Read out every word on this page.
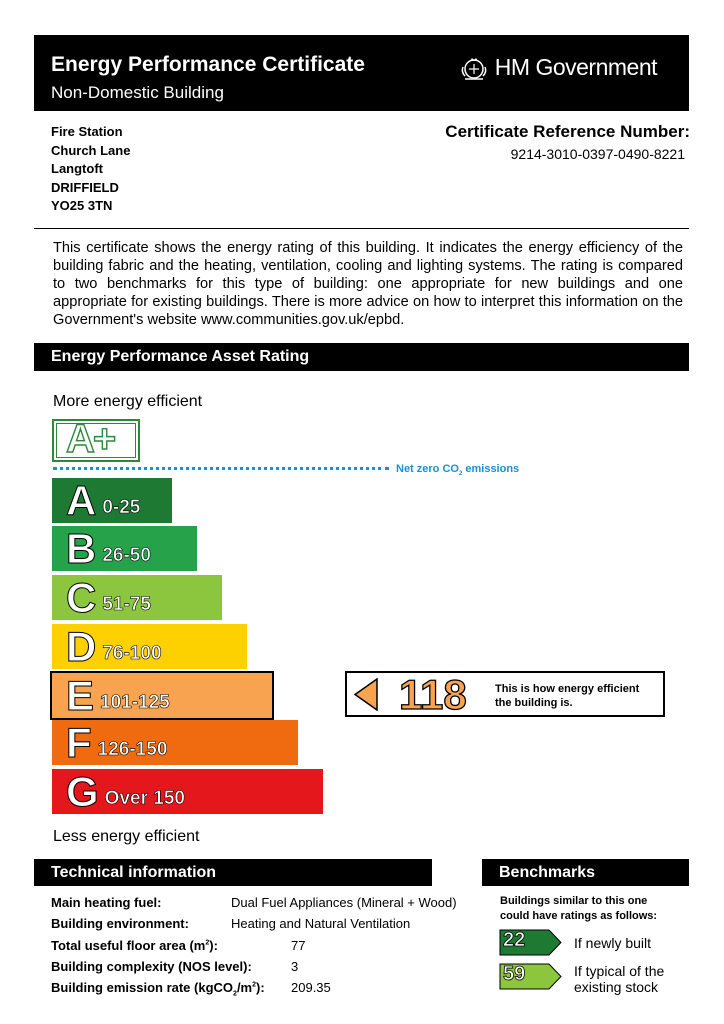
Energy Performance Certificate
Non-Domestic Building
HM Government
Fire Station
Church Lane
Langtoft
DRIFFIELD
YO25 3TN
Certificate Reference Number:
9214-3010-0397-0490-8221
This certificate shows the energy rating of this building. It indicates the energy efficiency of the building fabric and the heating, ventilation, cooling and lighting systems. The rating is compared to two benchmarks for this type of building: one appropriate for new buildings and one appropriate for existing buildings. There is more advice on how to interpret this information on the Government's website www.communities.gov.uk/epbd.
Energy Performance Asset Rating
More energy efficient
A+
Net zero $CO_2$ emissions
A 0-25
B 26-50
C 51-75
D 76-100
E 101-125
F 126-150
G Over 150
118	This is how energy efficient
the building is.
Less energy efficient
Technical information
Main heating fuel:	Dual Fuel Appliances (Mineral + Wood)
Building environment:	Heating and Natural Ventilation
Total useful floor area $(m^2)$:	77
Building complexity (NOS level):	3
Building emission rate $(kgCO_2/m^2)$: 209.35
Benchmarks
Buildings similar to this one
could have ratings as follows:
22	If newly built
59	If typical of the
existing stock
